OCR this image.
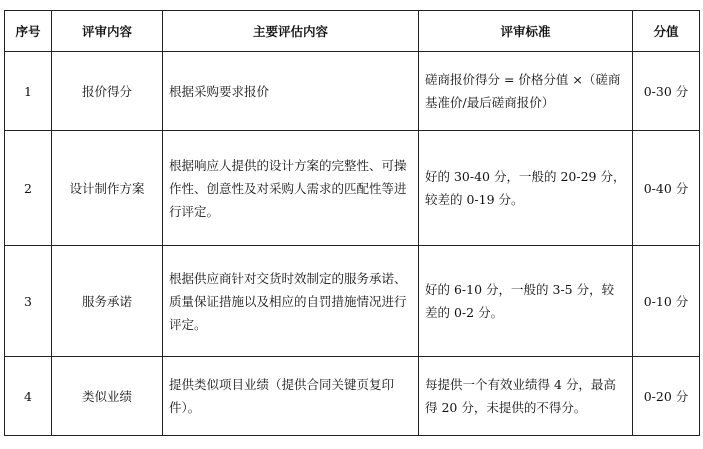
序号	评审内容	主要评估内容	评审标准	分值
1	报价得分	根据采购要求报价	磋商报价得分 = 价格分值 ×（磋商基准价/最后磋商报价）	0-30 分
2	设计制作方案	根据响应人提供的设计方案的完整性、可操作性、创意性及对采购人需求的匹配性等进行评定。	好的 30-40 分，一般的 20-29 分，较差的 0-19 分。	0-40 分
3	服务承诺	根据供应商针对交货时效制定的服务承诺、质量保证措施以及相应的自罚措施情况进行评定。	好的 6-10 分，一般的 3-5 分，较差的 0-2 分。	0-10 分
4	类似业绩	提供类似项目业绩（提供合同关键页复印件）。	每提供一个有效业绩得 4 分，最高得 20 分，未提供的不得分。	0-20 分
